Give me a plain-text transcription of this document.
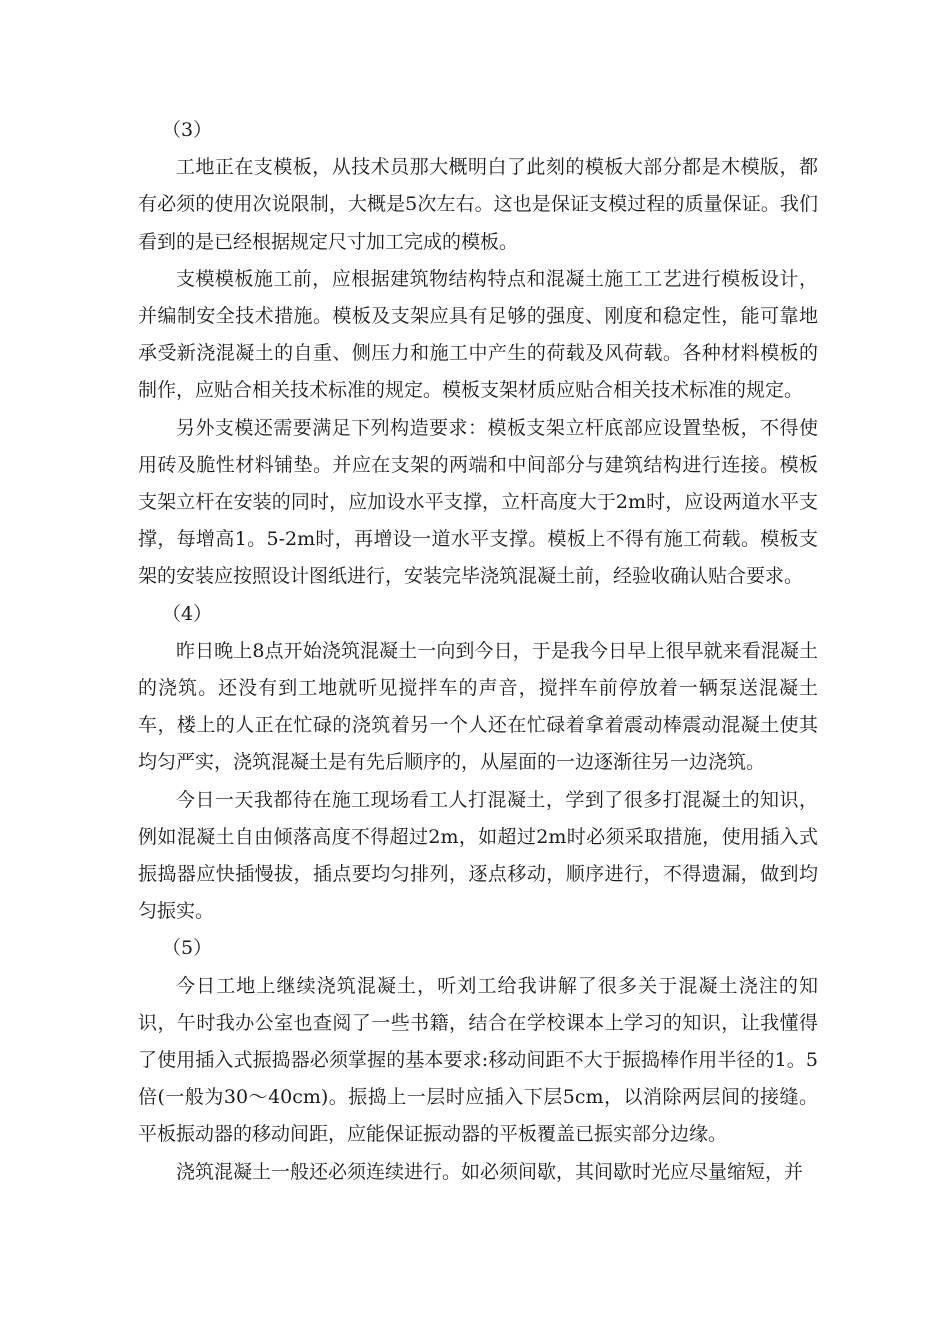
（3）

工地正在支模板，从技术员那大概明白了此刻的模板大部分都是木模版，都有必须的使用次说限制，大概是5次左右。这也是保证支模过程的质量保证。我们看到的是已经根据规定尺寸加工完成的模板。

支模模板施工前，应根据建筑物结构特点和混凝土施工工艺进行模板设计，并编制安全技术措施。模板及支架应具有足够的强度、刚度和稳定性，能可靠地承受新浇混凝土的自重、侧压力和施工中产生的荷载及风荷载。各种材料模板的制作，应贴合相关技术标准的规定。模板支架材质应贴合相关技术标准的规定。

另外支模还需要满足下列构造要求：模板支架立杆底部应设置垫板，不得使用砖及脆性材料铺垫。并应在支架的两端和中间部分与建筑结构进行连接。模板支架立杆在安装的同时，应加设水平支撑，立杆高度大于2m时，应设两道水平支撑，每增高1。5-2m时，再增设一道水平支撑。模板上不得有施工荷载。模板支架的安装应按照设计图纸进行，安装完毕浇筑混凝土前，经验收确认贴合要求。

（4）

昨日晚上8点开始浇筑混凝土一向到今日，于是我今日早上很早就来看混凝土的浇筑。还没有到工地就听见搅拌车的声音，搅拌车前停放着一辆泵送混凝土车，楼上的人正在忙碌的浇筑着另一个人还在忙碌着拿着震动棒震动混凝土使其均匀严实，浇筑混凝土是有先后顺序的，从屋面的一边逐渐往另一边浇筑。

今日一天我都待在施工现场看工人打混凝土，学到了很多打混凝土的知识，例如混凝土自由倾落高度不得超过2m，如超过2m时必须采取措施，使用插入式振捣器应快插慢拔，插点要均匀排列，逐点移动，顺序进行，不得遗漏，做到均匀振实。

（5）

今日工地上继续浇筑混凝土，听刘工给我讲解了很多关于混凝土浇注的知识，午时我办公室也查阅了一些书籍，结合在学校课本上学习的知识，让我懂得了使用插入式振捣器必须掌握的基本要求:移动间距不大于振捣棒作用半径的1。5倍(一般为30～40cm)。振捣上一层时应插入下层5cm，以消除两层间的接缝。平板振动器的移动间距，应能保证振动器的平板覆盖已振实部分边缘。

浇筑混凝土一般还必须连续进行。如必须间歇，其间歇时光应尽量缩短，并
